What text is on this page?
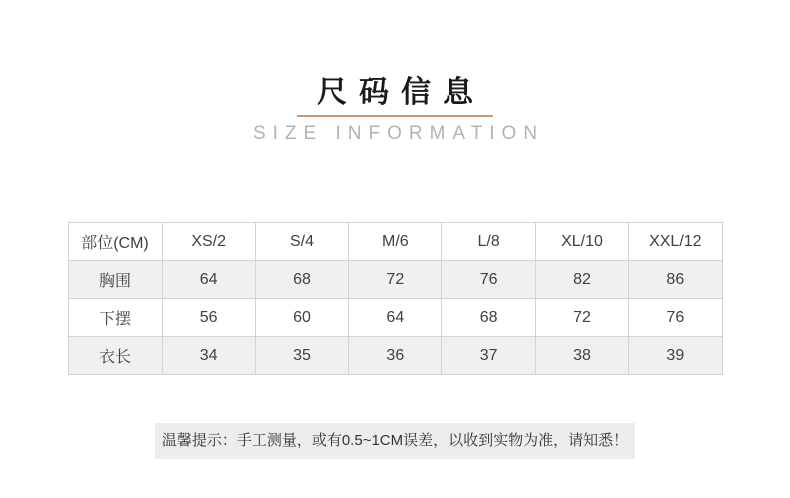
尺码信息
SIZE INFORMATION
部位(CM)	XS/2	S/4	M/6	L/8	XL/10	XXL/12
胸围	64	68	72	76	82	86
下摆	56	60	64	68	72	76
衣长	34	35	36	37	38	39
温馨提示：手工测量，或有0.5~1CM误差，以收到实物为准，请知悉！
